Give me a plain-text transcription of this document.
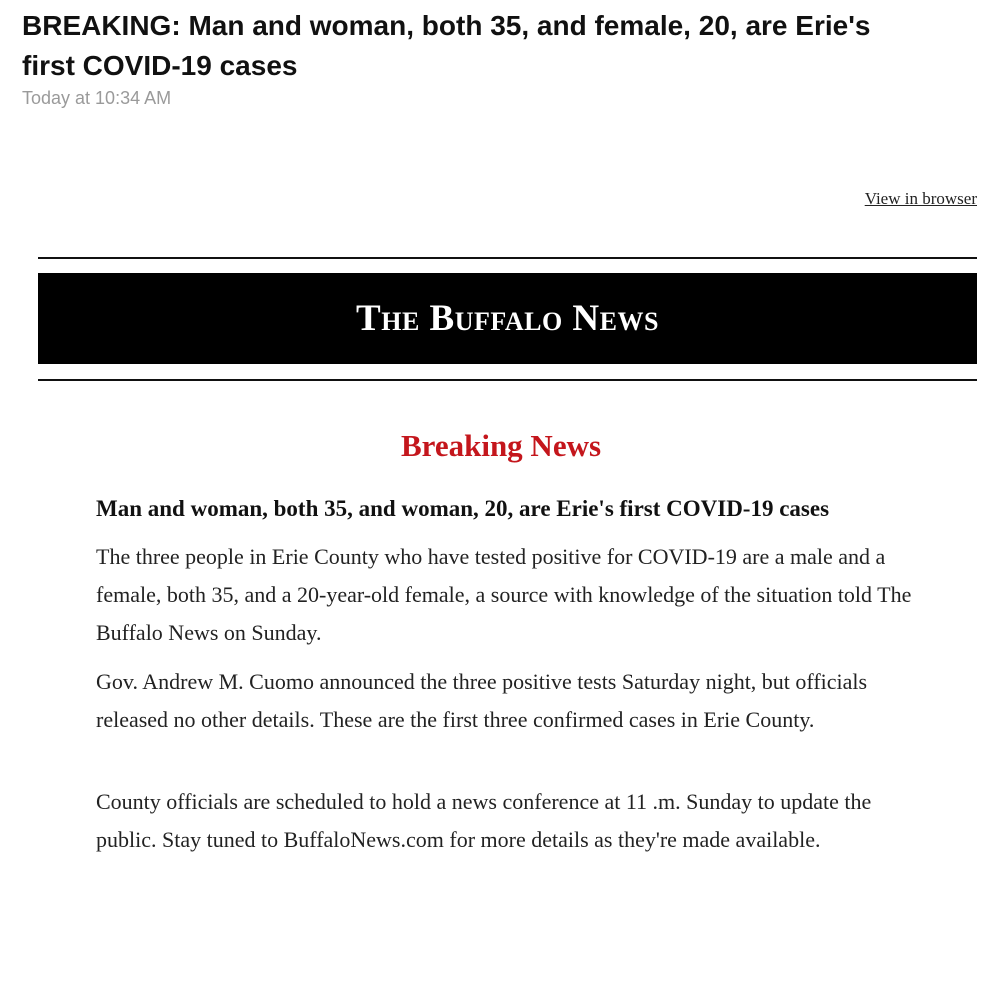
BREAKING: Man and woman, both 35, and female, 20, are Erie's first COVID-19 cases
Today at 10:34 AM
View in browser
The Buffalo News
Breaking News
Man and woman, both 35, and woman, 20, are Erie's first COVID-19 cases

The three people in Erie County who have tested positive for COVID-19 are a male and a female, both 35, and a 20-year-old female, a source with knowledge of the situation told The Buffalo News on Sunday.

Gov. Andrew M. Cuomo announced the three positive tests Saturday night, but officials released no other details. These are the first three confirmed cases in Erie County.

County officials are scheduled to hold a news conference at 11 .m. Sunday to update the public. Stay tuned to BuffaloNews.com for more details as they're made available.
